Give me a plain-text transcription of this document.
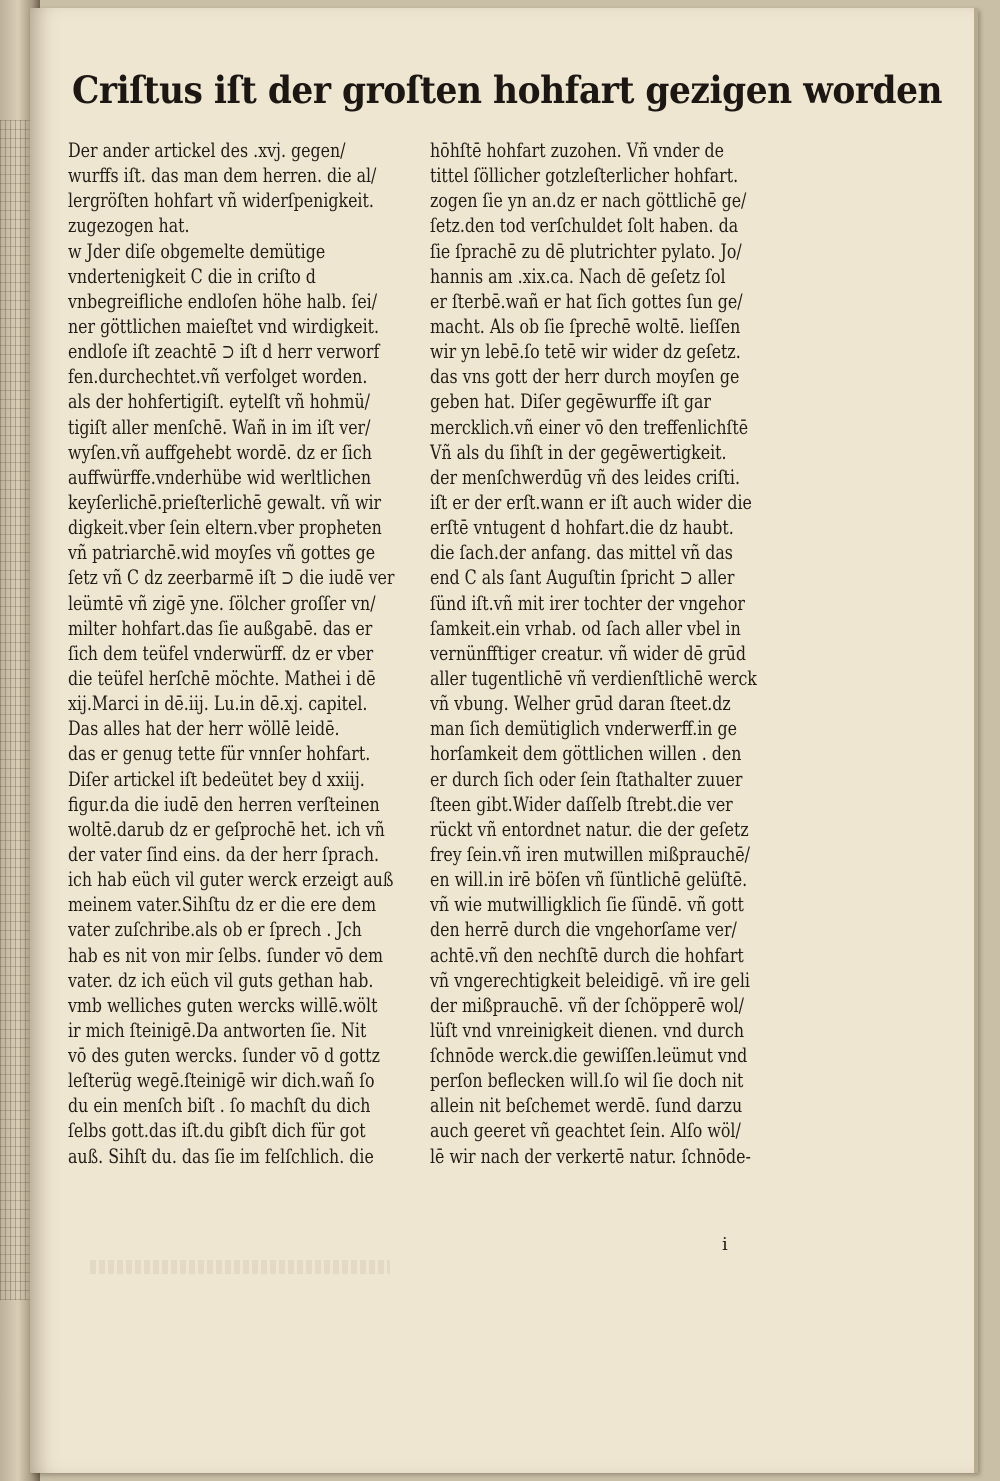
Criſtus iſt der groſten hohfart gezigen worden
Der ander artickel des .xvj. gegen/
wurffs iſt. das man dem herren. die al/
lergröſten hohfart vñ widerſpenigkeit.
zugezogen hat.
w Jder diſe obgemelte demütige
vndertenigkeit C die in criſto d
vnbegreifliche endloſen höhe halb. ſei/
ner göttlichen maieſtet vnd wirdigkeit.
endloſe iſt zeachtē ⊃ iſt d herr verworf
fen.durchechtet.vñ verfolget worden.
als der hohfertigiſt. eytelſt vñ hohmü/
tigiſt aller menſchē. Wañ in im iſt ver/
wyſen.vñ auffgehebt wordē. dz er ſich
auffwürffe.vnderhübe wid werltlichen
keyſerlichē.prieſterlichē gewalt. vñ wir
digkeit.vber ſein eltern.vber propheten
vñ patriarchē.wid moyſes vñ gottes ge
ſetz vñ C dz zeerbarmē iſt ⊃ die iudē ver
leümtē vñ zigē yne. ſölcher groſſer vn/
milter hohfart.das ſie außgabē. das er
ſich dem teüfel vnderwürff. dz er vber
die teüfel herſchē möchte. Mathei i dē
xij.Marci in dē.iij. Lu.in dē.xj. capitel.
Das alles hat der herr wöllē leidē.
das er genug tette für vnnſer hohfart.
Diſer artickel iſt bedeütet bey d xxiij.
figur.da die iudē den herren verſteinen
woltē.darub dz er geſprochē het. ich vñ
der vater ſind eins. da der herr ſprach.
ich hab eüch vil guter werck erzeigt auß
meinem vater.Sihſtu dz er die ere dem
vater zuſchribe.als ob er ſprech . Jch
hab es nit von mir ſelbs. ſunder vō dem
vater. dz ich eüch vil guts gethan hab.
vmb welliches guten wercks willē.wölt
ir mich ſteinigē.Da antworten ſie. Nit
vō des guten wercks. ſunder vō d gottz
leſterüg wegē.ſteinigē wir dich.wañ ſo
du ein menſch biſt . ſo machſt du dich
ſelbs gott.das iſt.du gibſt dich für got
auß. Sihſt du. das ſie im felſchlich. die
hōhſtē hohfart zuzohen. Vñ vnder de
tittel ſöllicher gotzleſterlicher hohfart.
zogen ſie yn an.dz er nach göttlichē ge/
ſetz.den tod verſchuldet ſolt haben. da
ſie ſprachē zu dē plutrichter pylato. Jo/
hannis am .xix.ca. Nach dē geſetz ſol
er ſterbē.wañ er hat ſich gottes ſun ge/
macht. Als ob ſie ſprechē woltē. lieſſen
wir yn lebē.ſo tetē wir wider dz geſetz.
das vns gott der herr durch moyſen ge
geben hat. Diſer gegēwurffe iſt gar
mercklich.vñ einer vō den treffenlichſtē
Vñ als du ſihſt in der gegēwertigkeit.
der menſchwerdūg vñ des leides criſti.
iſt er der erſt.wann er iſt auch wider die
erſtē vntugent d hohfart.die dz haubt.
die ſach.der anfang. das mittel vñ das
end C als ſant Auguſtin ſpricht ⊃ aller
ſünd iſt.vñ mit irer tochter der vngehor
ſamkeit.ein vrhab. od ſach aller vbel in
vernünfftiger creatur. vñ wider dē grūd
aller tugentlichē vñ verdienſtlichē werck
vñ vbung. Welher grūd daran ſteet.dz
man ſich demütiglich vnderwerff.in ge
horſamkeit dem göttlichen willen . den
er durch ſich oder ſein ſtathalter zuuer
ſteen gibt.Wider daſſelb ſtrebt.die ver
rückt vñ entordnet natur. die der geſetz
frey ſein.vñ iren mutwillen mißprauchē/
en will.in irē böſen vñ ſüntlichē gelüſtē.
vñ wie mutwilligklich ſie ſündē. vñ gott
den herrē durch die vngehorſame ver/
achtē.vñ den nechſtē durch die hohfart
vñ vngerechtigkeit beleidigē. vñ ire geli
der mißprauchē. vñ der ſchöpperē wol/
lüſt vnd vnreinigkeit dienen. vnd durch
ſchnōde werck.die gewiſſen.leümut vnd
perſon beflecken will.ſo wil ſie doch nit
allein nit beſchemet werdē. ſund darzu
auch geeret vñ geachtet ſein. Alſo wöl/
lē wir nach der verkertē natur. ſchnōde-
i
